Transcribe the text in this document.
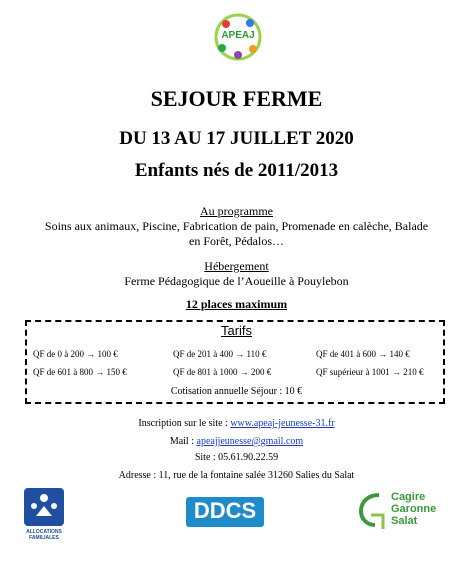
APEAJ
SEJOUR FERME
DU 13 AU 17 JUILLET 2020
Enfants nés de 2011/2013
Au programme
Soins aux animaux, Piscine, Fabrication de pain, Promenade en calèche, Balade
en Forêt, Pédalos…
Hébergement
Ferme Pédagogique de l’Aoueille à Pouylebon
12 places maximum
Tarifs
QF de 0 à 200 → 100 €	QF de 201 à 400 → 110 €	QF de 401 à 600 → 140 €
QF de 601 à 800 → 150 €	QF de 801 à 1000 → 200 €	QF supérieur à 1001 → 210 €
Cotisation annuelle Séjour : 10 €
Inscription sur le site : www.apeaj-jeunesse-31.fr
Mail : apeajjeunesse@gmail.com
Site : 05.61.90.22.59
Adresse : 11, rue de la fontaine salée 31260 Salies du Salat
ALLOCATIONS FAMILIALES
DDCS
Cagire
Garonne
Salat
